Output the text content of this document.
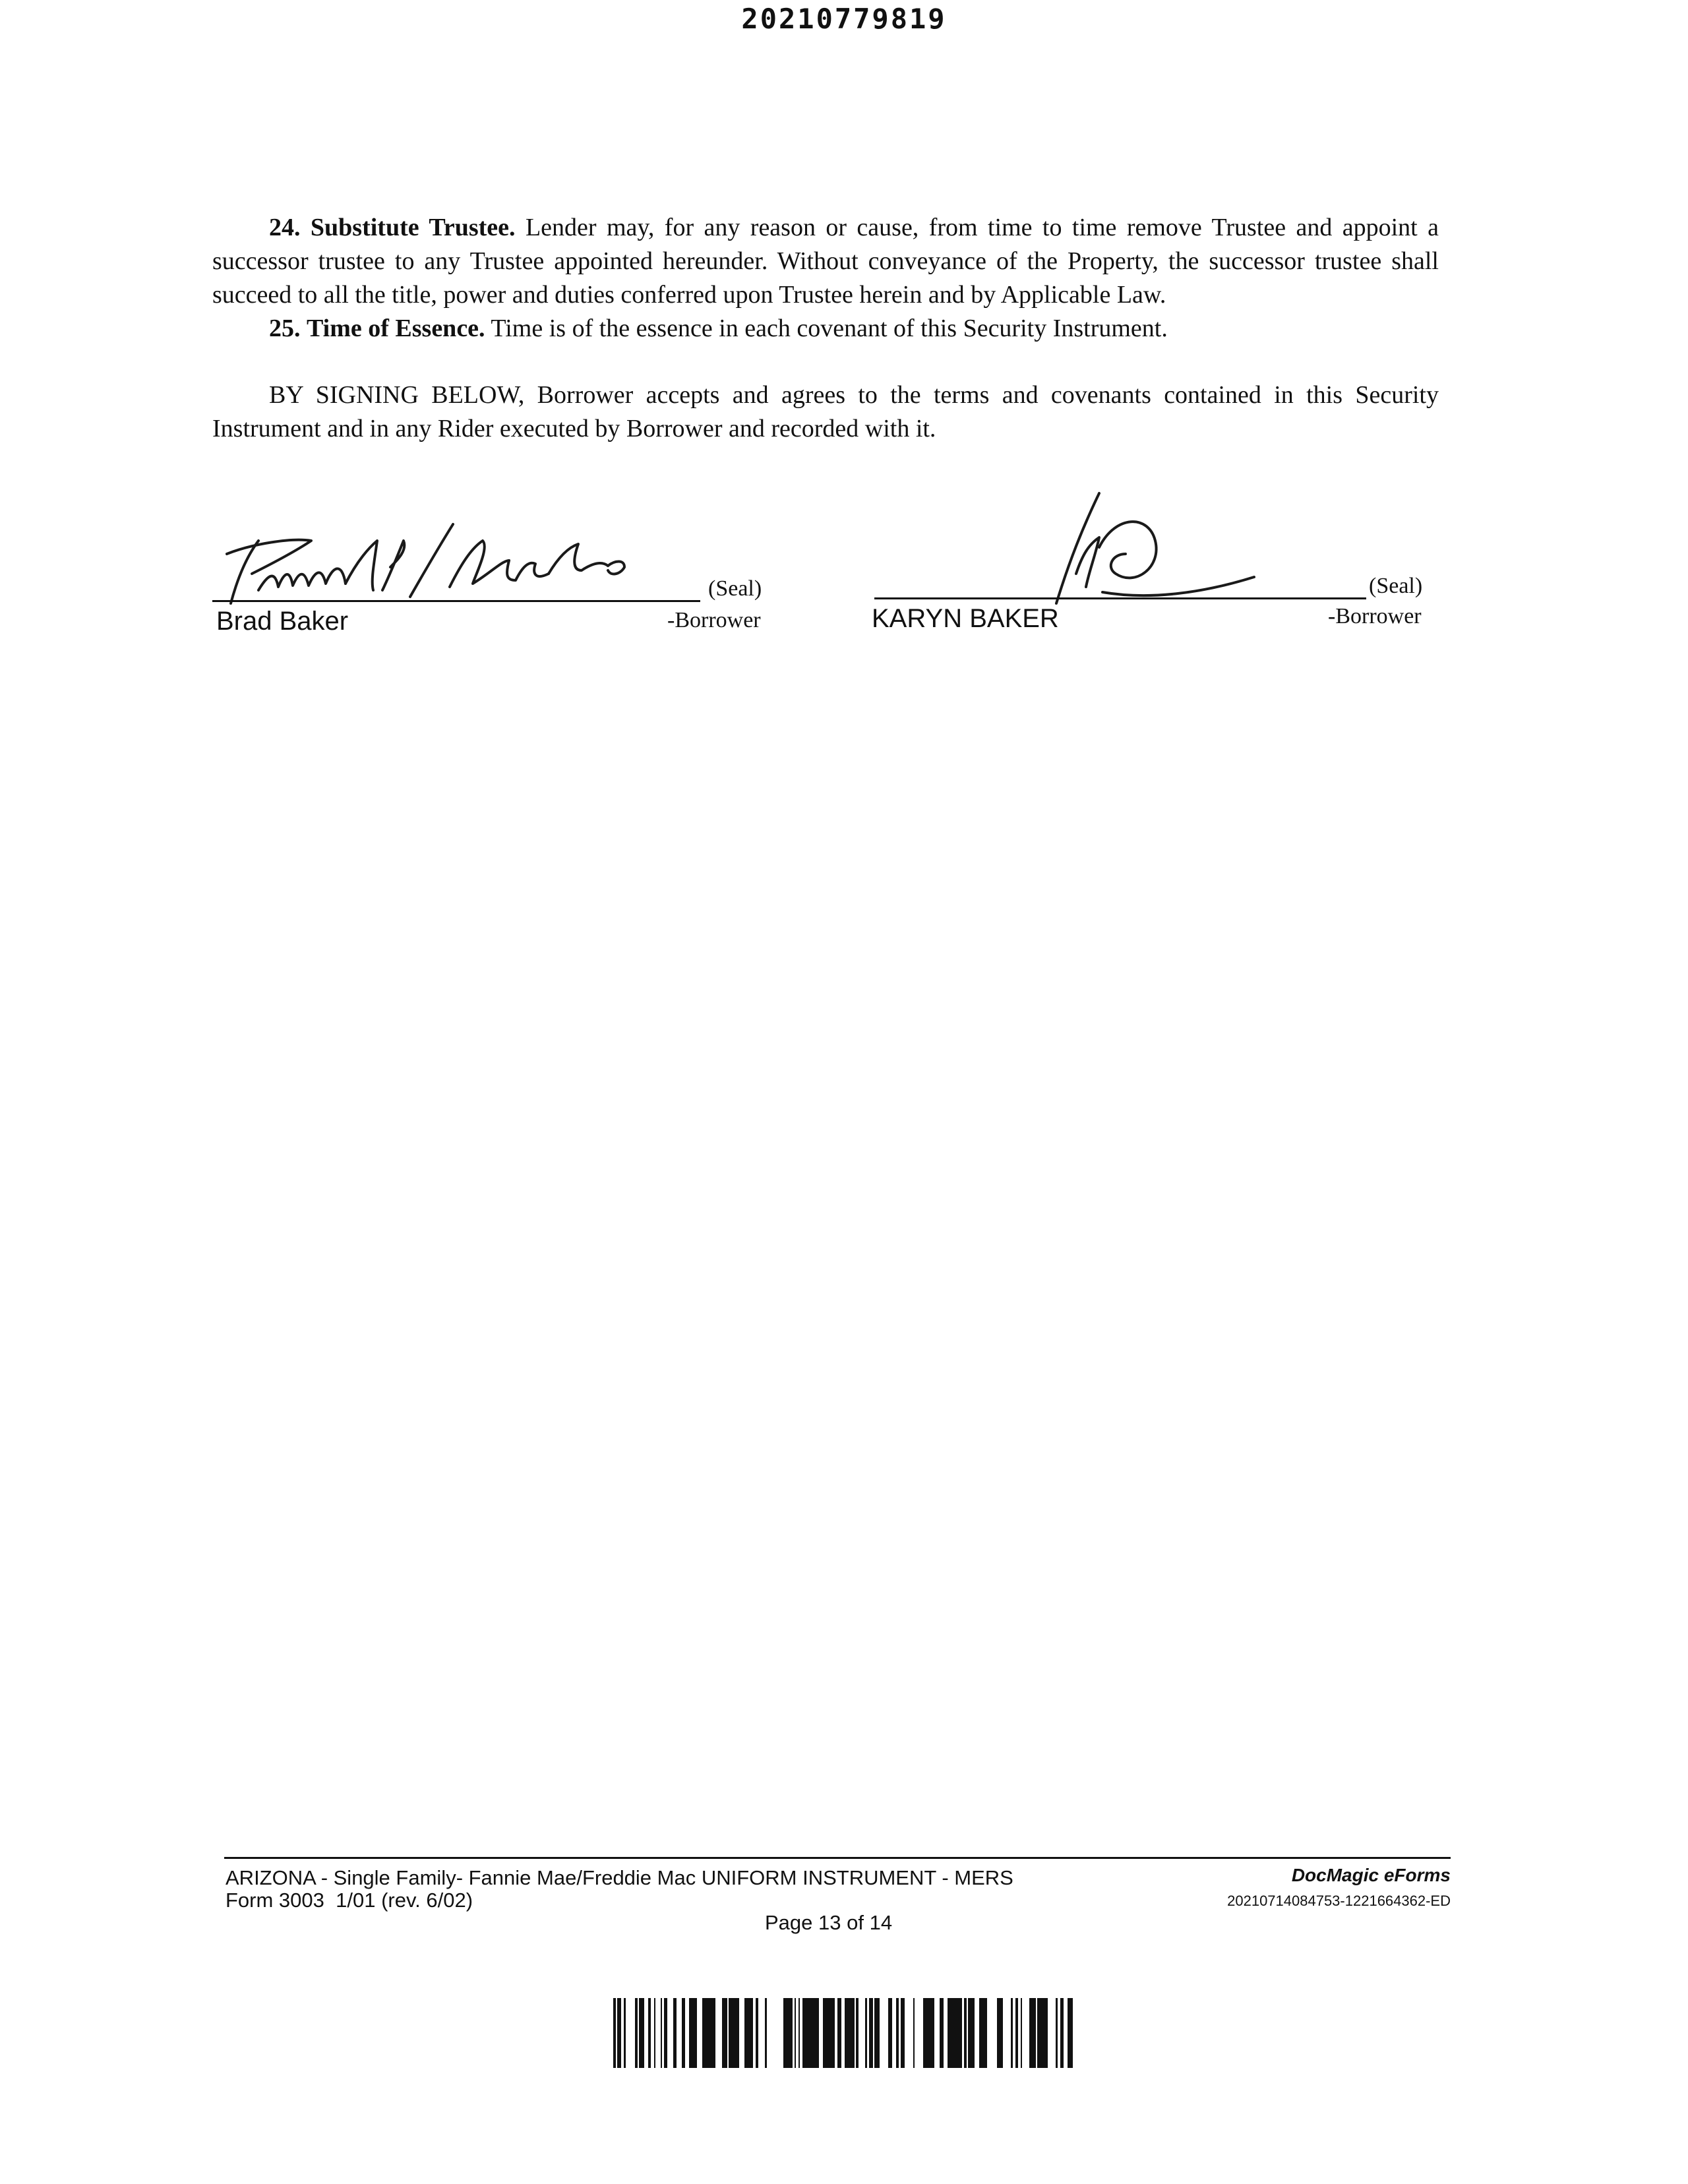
20210779819

24. Substitute Trustee. Lender may, for any reason or cause, from time to time remove Trustee and appoint a successor trustee to any Trustee appointed hereunder. Without conveyance of the Property, the successor trustee shall succeed to all the title, power and duties conferred upon Trustee herein and by Applicable Law.

25. Time of Essence. Time is of the essence in each covenant of this Security Instrument.

BY SIGNING BELOW, Borrower accepts and agrees to the terms and covenants contained in this Security Instrument and in any Rider executed by Borrower and recorded with it.

(Seal)
Brad Baker	-Borrower
(Seal)
KARYN BAKER	-Borrower
ARIZONA - Single Family- Fannie Mae/Freddie Mac UNIFORM INSTRUMENT - MERS
Form 3003  1/01 (rev. 6/02)
Page 13 of 14
DocMagic eForms
20210714084753-1221664362-ED
